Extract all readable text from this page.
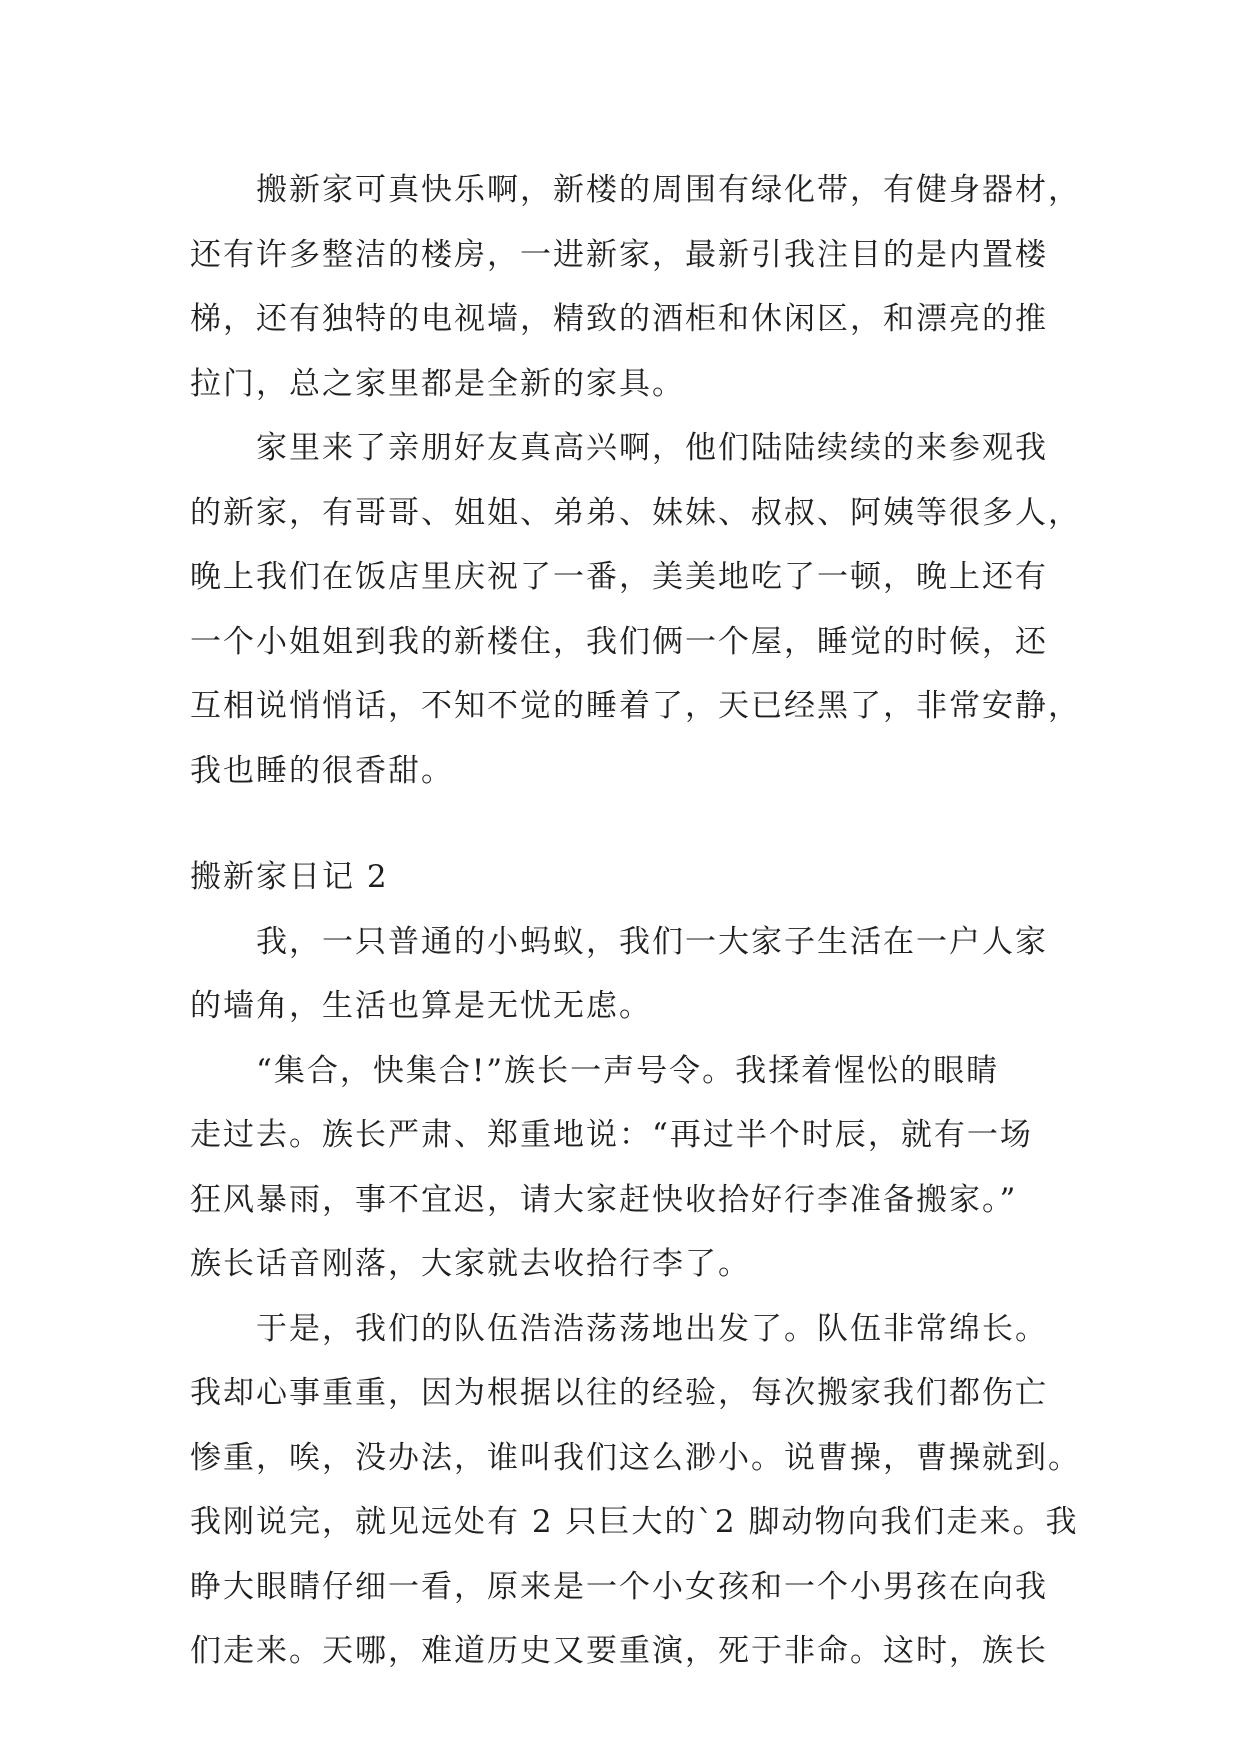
搬新家可真快乐啊，新楼的周围有绿化带，有健身器材，
还有许多整洁的楼房，一进新家，最新引我注目的是内置楼
梯，还有独特的电视墙，精致的酒柜和休闲区，和漂亮的推
拉门，总之家里都是全新的家具。
家里来了亲朋好友真高兴啊，他们陆陆续续的来参观我
的新家，有哥哥、姐姐、弟弟、妹妹、叔叔、阿姨等很多人，
晚上我们在饭店里庆祝了一番，美美地吃了一顿，晚上还有
一个小姐姐到我的新楼住，我们俩一个屋，睡觉的时候，还
互相说悄悄话，不知不觉的睡着了，天已经黑了，非常安静，
我也睡的很香甜。
搬新家日记 2
我，一只普通的小蚂蚁，我们一大家子生活在一户人家
的墙角，生活也算是无忧无虑。
“集合，快集合!”族长一声号令。我揉着惺忪的眼睛
走过去。族长严肃、郑重地说：“再过半个时辰，就有一场
狂风暴雨，事不宜迟，请大家赶快收拾好行李准备搬家。”
族长话音刚落，大家就去收拾行李了。
于是，我们的队伍浩浩荡荡地出发了。队伍非常绵长。
我却心事重重，因为根据以往的经验，每次搬家我们都伤亡
惨重，唉，没办法，谁叫我们这么渺小。说曹操，曹操就到。
我刚说完，就见远处有 2 只巨大的`2 脚动物向我们走来。我
睁大眼睛仔细一看，原来是一个小女孩和一个小男孩在向我
们走来。天哪，难道历史又要重演，死于非命。这时，族长
